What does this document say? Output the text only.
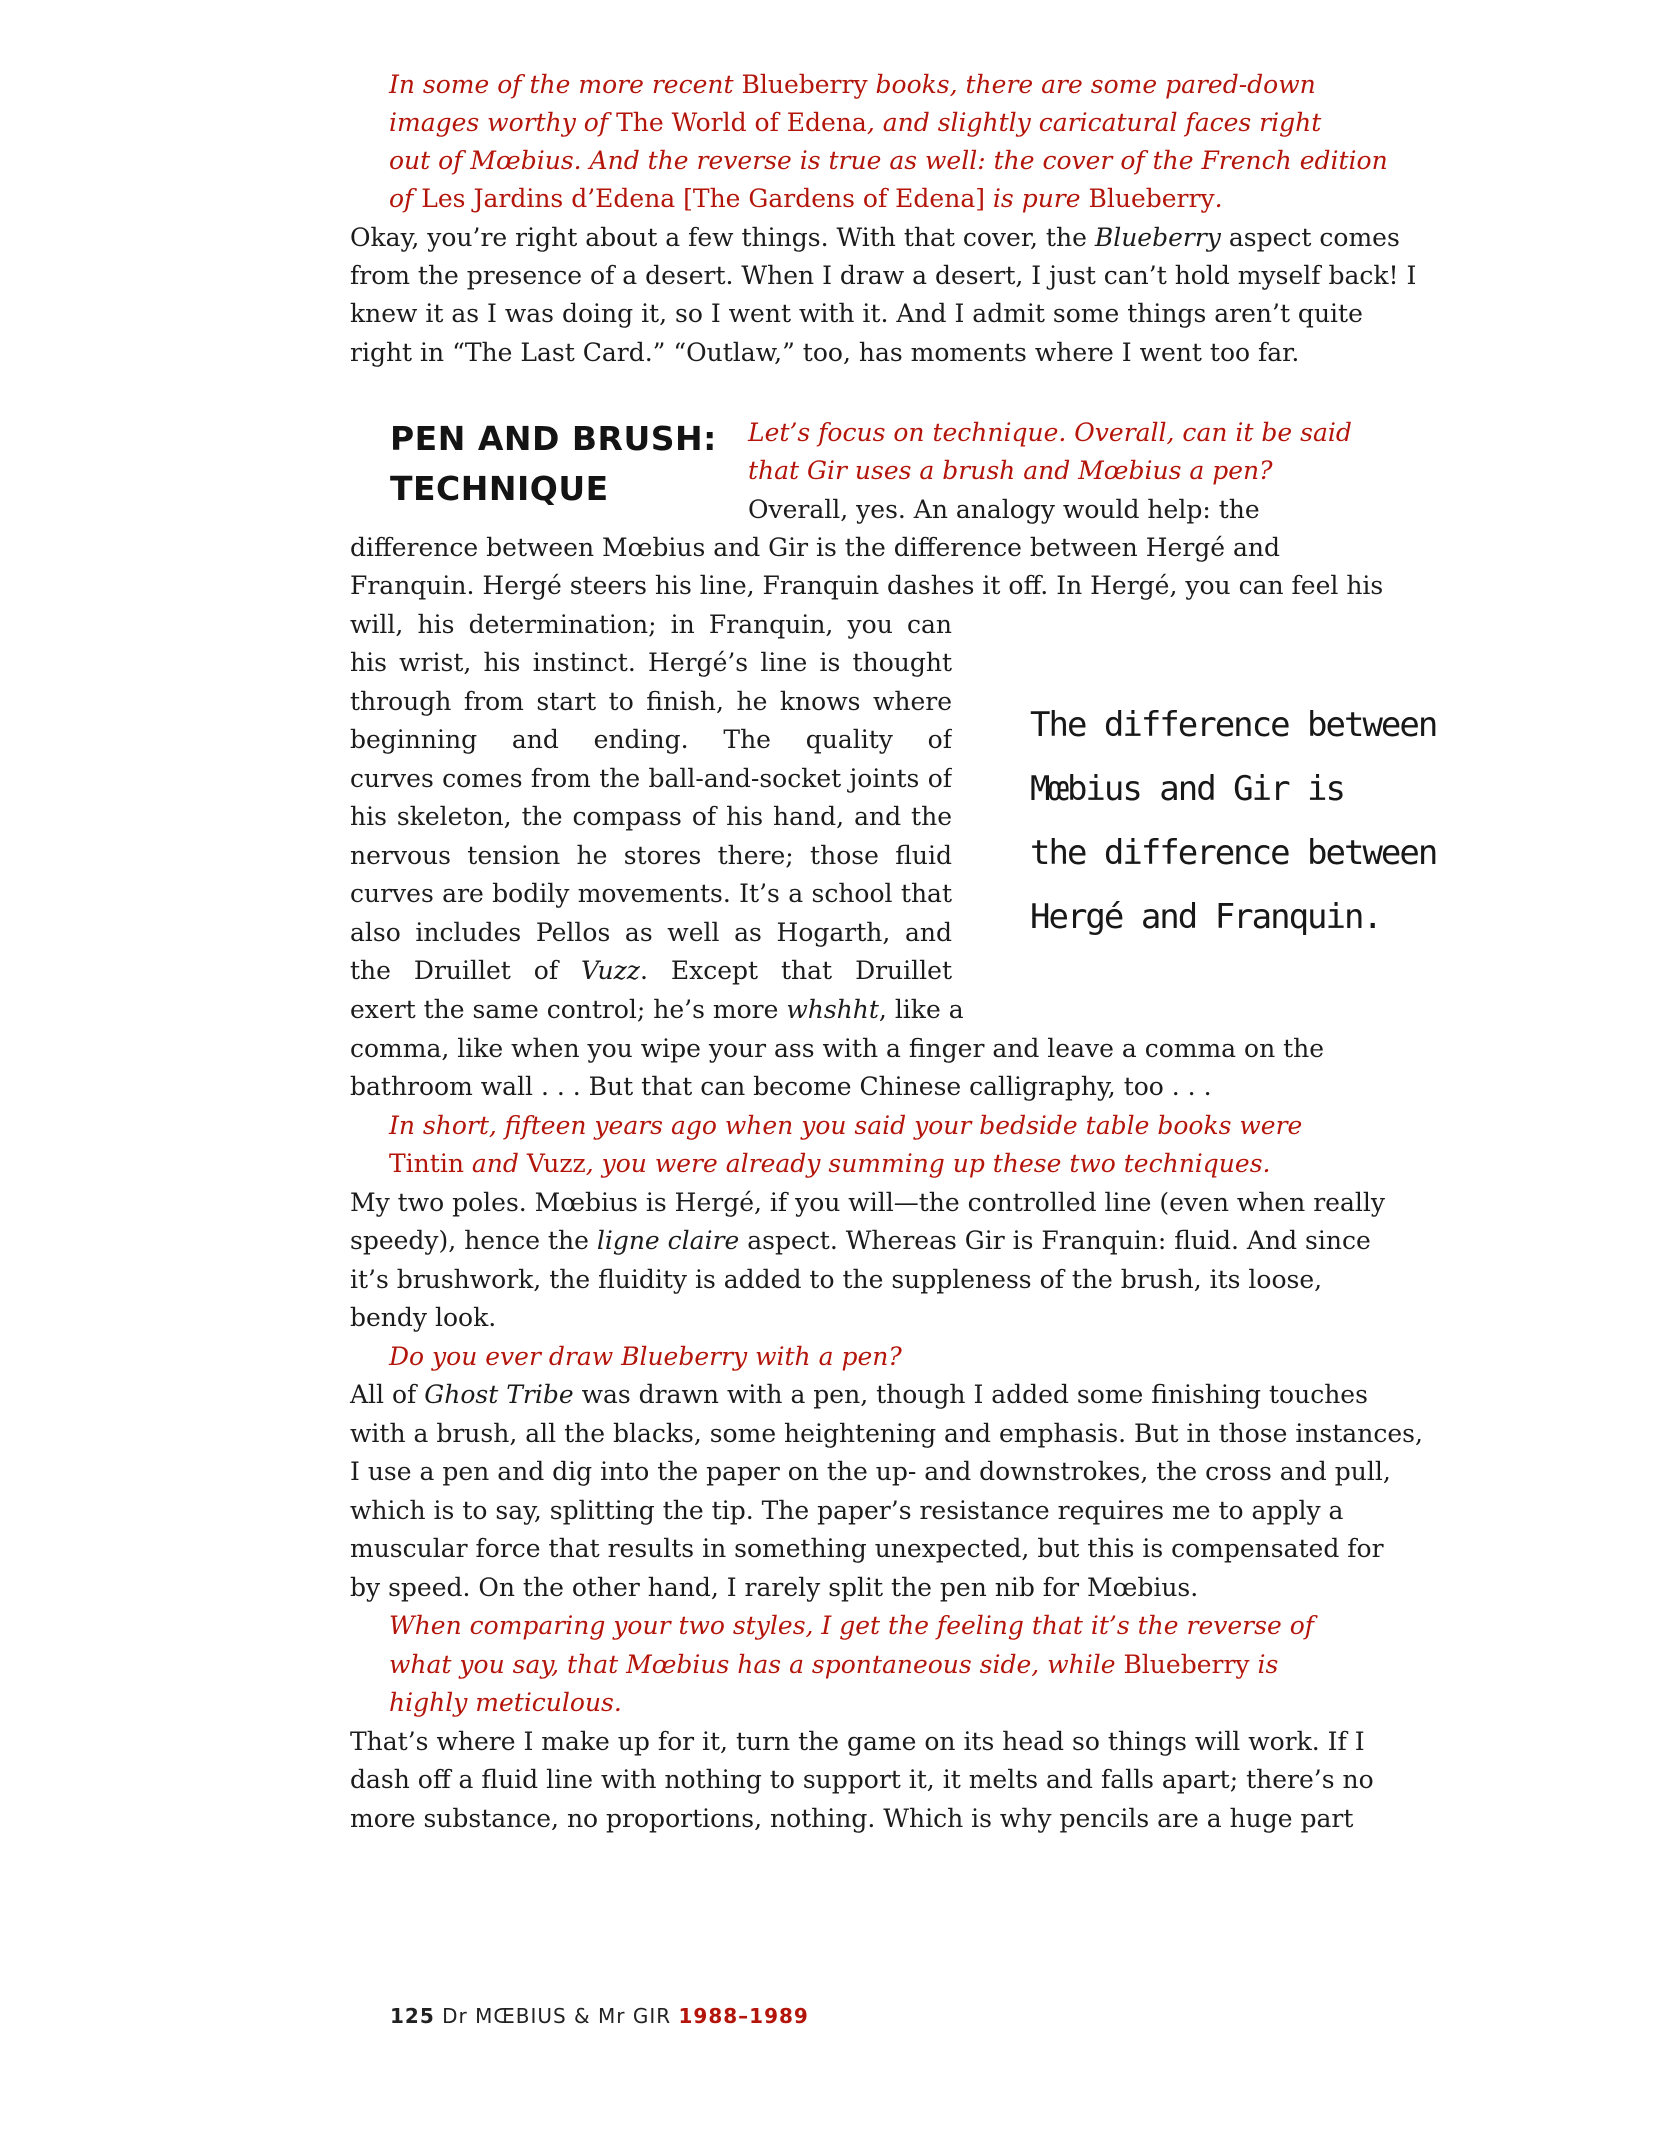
In some of the more recent Blueberry books, there are some pared-down
images worthy of The World of Edena, and slightly caricatural faces right
out of Mœbius. And the reverse is true as well: the cover of the French edition
of Les Jardins d’Edena [The Gardens of Edena] is pure Blueberry.
Okay, you’re right about a few things. With that cover, the Blueberry aspect comes
from the presence of a desert. When I draw a desert, I just can’t hold myself back! I
knew it as I was doing it, so I went with it. And I admit some things aren’t quite
right in “The Last Card.” “Outlaw,” too, has moments where I went too far.
PEN AND BRUSH:
TECHNIQUE
Let’s focus on technique. Overall, can it be said
that Gir uses a brush and Mœbius a pen?
Overall, yes. An analogy would help: the
difference between Mœbius and Gir is the difference between Hergé and
Franquin. Hergé steers his line, Franquin dashes it off. In Hergé, you can feel his
will, his determination; in Franquin, you can
his wrist, his instinct. Hergé’s line is thought
through from start to finish, he knows where
beginning and ending. The quality of
curves comes from the ball-and-socket joints of
his skeleton, the compass of his hand, and the
nervous tension he stores there; those fluid
curves are bodily movements. It’s a school that
also includes Pellos as well as Hogarth, and
the Druillet of Vuzz. Except that Druillet
exert the same control; he’s more whshht, like a
The difference between
Mœbius and Gir is
the difference between
Hergé and Franquin.
comma, like when you wipe your ass with a finger and leave a comma on the
bathroom wall . . . But that can become Chinese calligraphy, too . . .
In short, fifteen years ago when you said your bedside table books were
Tintin and Vuzz, you were already summing up these two techniques.
My two poles. Mœbius is Hergé, if you will—the controlled line (even when really
speedy), hence the ligne claire aspect. Whereas Gir is Franquin: fluid. And since
it’s brushwork, the fluidity is added to the suppleness of the brush, its loose,
bendy look.
Do you ever draw Blueberry with a pen?
All of Ghost Tribe was drawn with a pen, though I added some finishing touches
with a brush, all the blacks, some heightening and emphasis. But in those instances,
I use a pen and dig into the paper on the up- and downstrokes, the cross and pull,
which is to say, splitting the tip. The paper’s resistance requires me to apply a
muscular force that results in something unexpected, but this is compensated for
by speed. On the other hand, I rarely split the pen nib for Mœbius.
When comparing your two styles, I get the feeling that it’s the reverse of
what you say, that Mœbius has a spontaneous side, while Blueberry is
highly meticulous.
That’s where I make up for it, turn the game on its head so things will work. If I
dash off a fluid line with nothing to support it, it melts and falls apart; there’s no
more substance, no proportions, nothing. Which is why pencils are a huge part
125 Dr MŒBIUS & Mr GIR 1988–1989
